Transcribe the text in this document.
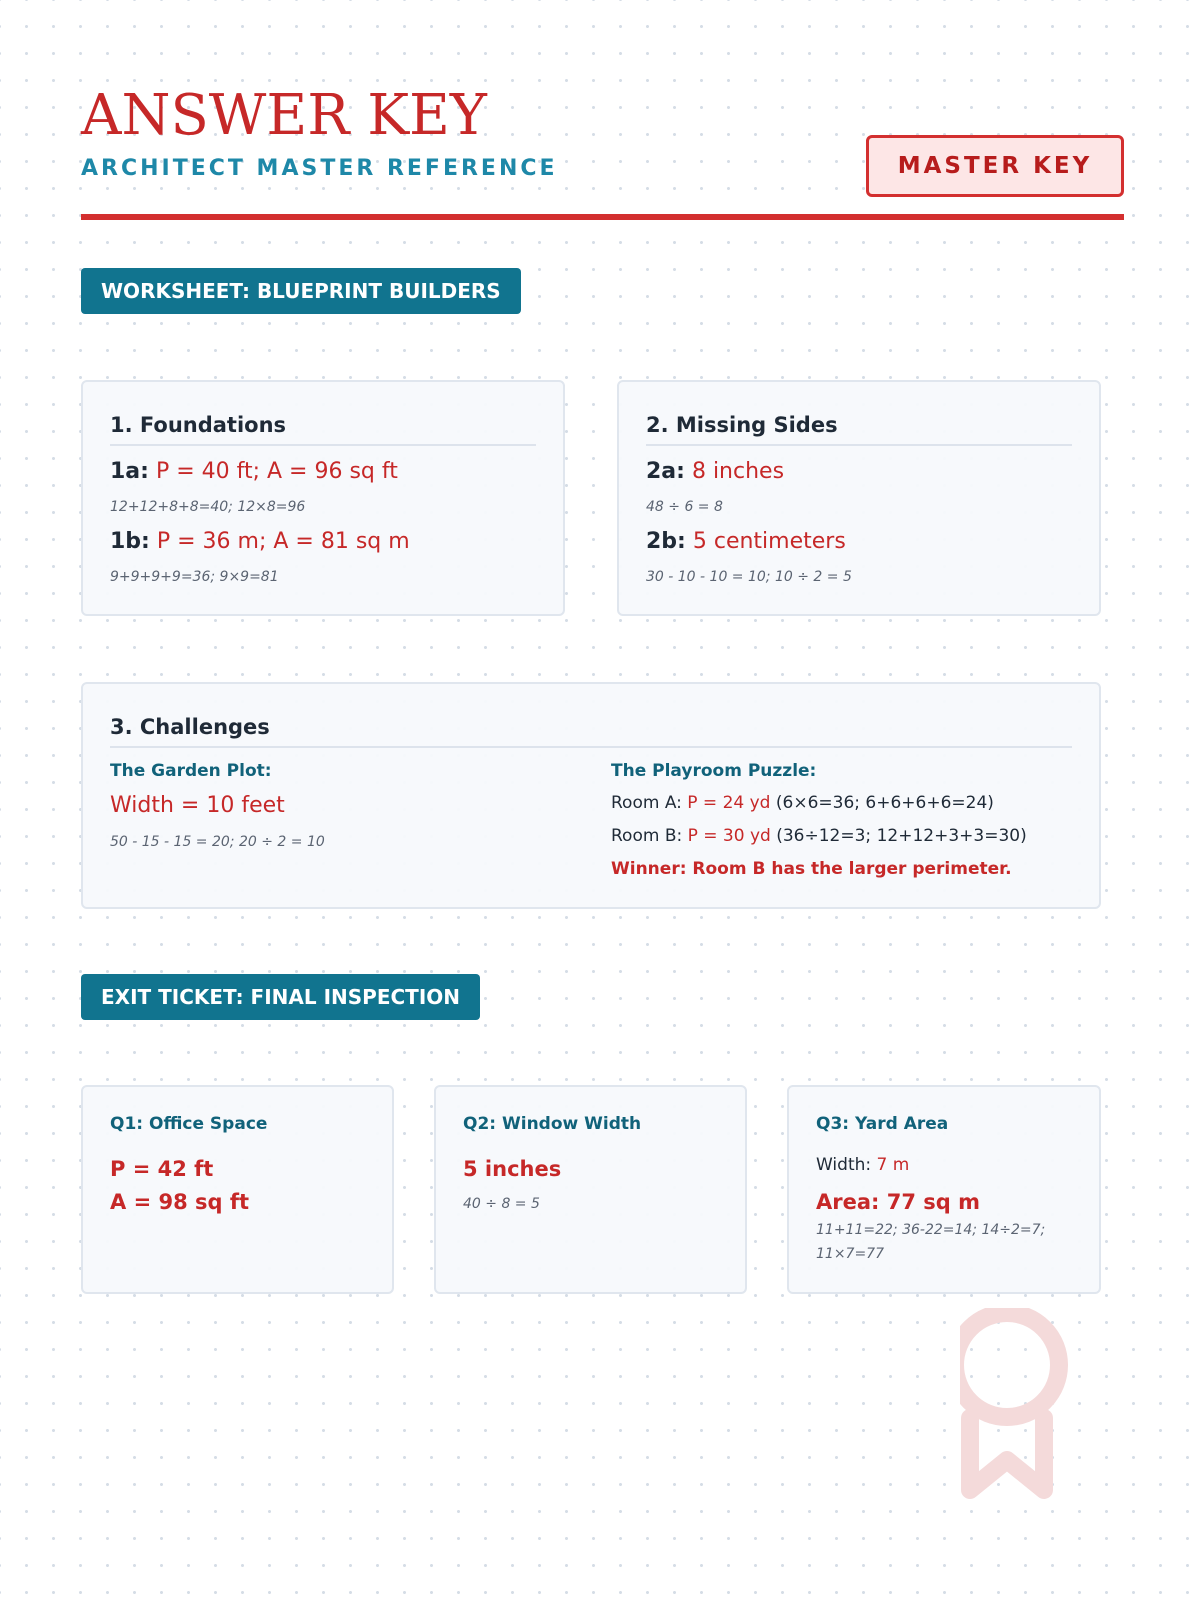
ANSWER KEY
ARCHITECT MASTER REFERENCE	MASTER KEY
WORKSHEET: BLUEPRINT BUILDERS
1. Foundations
1a: P = 40 ft; A = 96 sq ft
12+12+8+8=40; 12×8=96
1b: P = 36 m; A = 81 sq m
9+9+9+9=36; 9×9=81
2. Missing Sides
2a: 8 inches
48 ÷ 6 = 8
2b: 5 centimeters
30 - 10 - 10 = 10; 10 ÷ 2 = 5
3. Challenges
The Garden Plot:
Width = 10 feet
50 - 15 - 15 = 20; 20 ÷ 2 = 10
The Playroom Puzzle:
Room A: P = 24 yd (6×6=36; 6+6+6+6=24)
Room B: P = 30 yd (36÷12=3; 12+12+3+3=30)
Winner: Room B has the larger perimeter.
EXIT TICKET: FINAL INSPECTION
Q1: Office Space
P = 42 ft
A = 98 sq ft
Q2: Window Width
5 inches
40 ÷ 8 = 5
Q3: Yard Area
Width: 7 m
Area: 77 sq m
11+11=22; 36-22=14; 14÷2=7;
11×7=77
